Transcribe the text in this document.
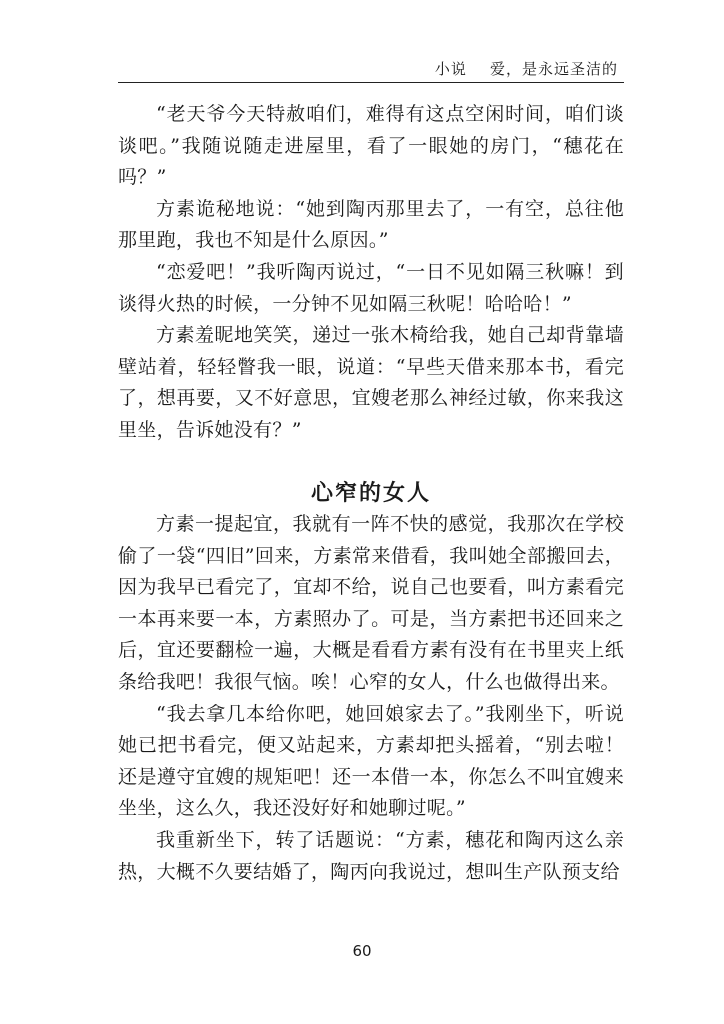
小说    爱，是永远圣洁的

“老天爷今天特赦咱们，难得有这点空闲时间，咱们谈谈吧。”我随说随走进屋里，看了一眼她的房门，“穗花在吗？”

方素诡秘地说：“她到陶丙那里去了，一有空，总往他那里跑，我也不知是什么原因。”

“恋爱吧！”我听陶丙说过，“一日不见如隔三秋嘛！到谈得火热的时候，一分钟不见如隔三秋呢！哈哈哈！”

方素羞昵地笑笑，递过一张木椅给我，她自己却背靠墙壁站着，轻轻瞥我一眼，说道：“早些天借来那本书，看完了，想再要，又不好意思，宜嫂老那么神经过敏，你来我这里坐，告诉她没有？”

心窄的女人

方素一提起宜，我就有一阵不快的感觉，我那次在学校偷了一袋“四旧”回来，方素常来借看，我叫她全部搬回去，因为我早已看完了，宜却不给，说自己也要看，叫方素看完一本再来要一本，方素照办了。可是，当方素把书还回来之后，宜还要翻检一遍，大概是看看方素有没有在书里夹上纸条给我吧！我很气恼。唉！心窄的女人，什么也做得出来。

“我去拿几本给你吧，她回娘家去了。”我刚坐下，听说她已把书看完，便又站起来，方素却把头摇着，“别去啦！还是遵守宜嫂的规矩吧！还一本借一本，你怎么不叫宜嫂来坐坐，这么久，我还没好好和她聊过呢。”

我重新坐下，转了话题说：“方素，穗花和陶丙这么亲热，大概不久要结婚了，陶丙向我说过，想叫生产队预支给

60
